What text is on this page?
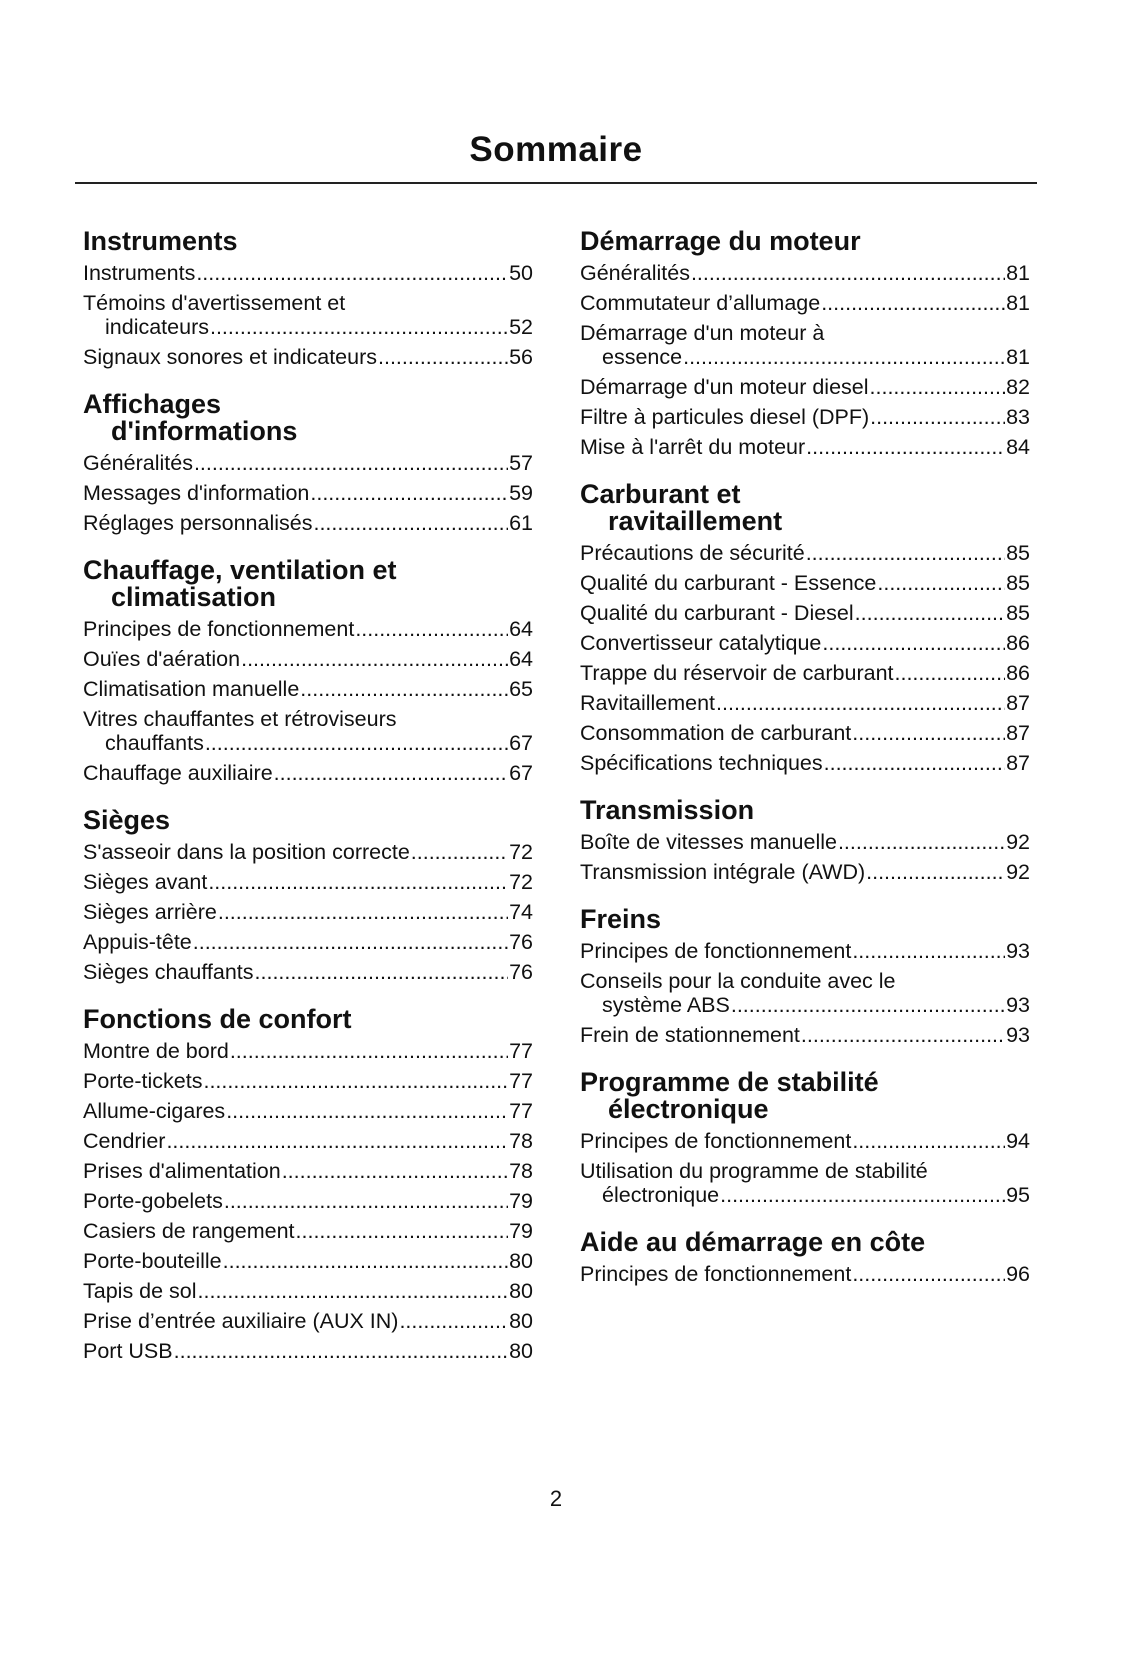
Sommaire
Instruments
Instruments .....	50
Témoins d'avertissement et
indicateurs .....	52
Signaux sonores et indicateurs .....	56
Affichages
d'informations
Généralités .....	57
Messages d'information .....	59
Réglages personnalisés .....	61
Chauffage, ventilation et
climatisation
Principes de fonctionnement .....	64
Ouïes d'aération .....	64
Climatisation manuelle .....	65
Vitres chauffantes et rétroviseurs
chauffants .....	67
Chauffage auxiliaire .....	67
Sièges
S'asseoir dans la position correcte .....	72
Sièges avant .....	72
Sièges arrière .....	74
Appuis-tête .....	76
Sièges chauffants .....	76
Fonctions de confort
Montre de bord .....	77
Porte-tickets .....	77
Allume-cigares .....	77
Cendrier .....	78
Prises d'alimentation .....	78
Porte-gobelets .....	79
Casiers de rangement .....	79
Porte-bouteille .....	80
Tapis de sol .....	80
Prise d’entrée auxiliaire (AUX IN) .....	80
Port USB .....	80
Démarrage du moteur
Généralités .....	81
Commutateur d’allumage .....	81
Démarrage d'un moteur à
essence .....	81
Démarrage d'un moteur diesel .....	82
Filtre à particules diesel (DPF) .....	83
Mise à l'arrêt du moteur .....	84
Carburant et
ravitaillement
Précautions de sécurité .....	85
Qualité du carburant - Essence .....	85
Qualité du carburant - Diesel .....	85
Convertisseur catalytique .....	86
Trappe du réservoir de carburant .....	86
Ravitaillement .....	87
Consommation de carburant .....	87
Spécifications techniques .....	87
Transmission
Boîte de vitesses manuelle .....	92
Transmission intégrale (AWD) .....	92
Freins
Principes de fonctionnement .....	93
Conseils pour la conduite avec le
système ABS .....	93
Frein de stationnement .....	93
Programme de stabilité
électronique
Principes de fonctionnement .....	94
Utilisation du programme de stabilité
électronique .....	95
Aide au démarrage en côte
Principes de fonctionnement .....	96
2
